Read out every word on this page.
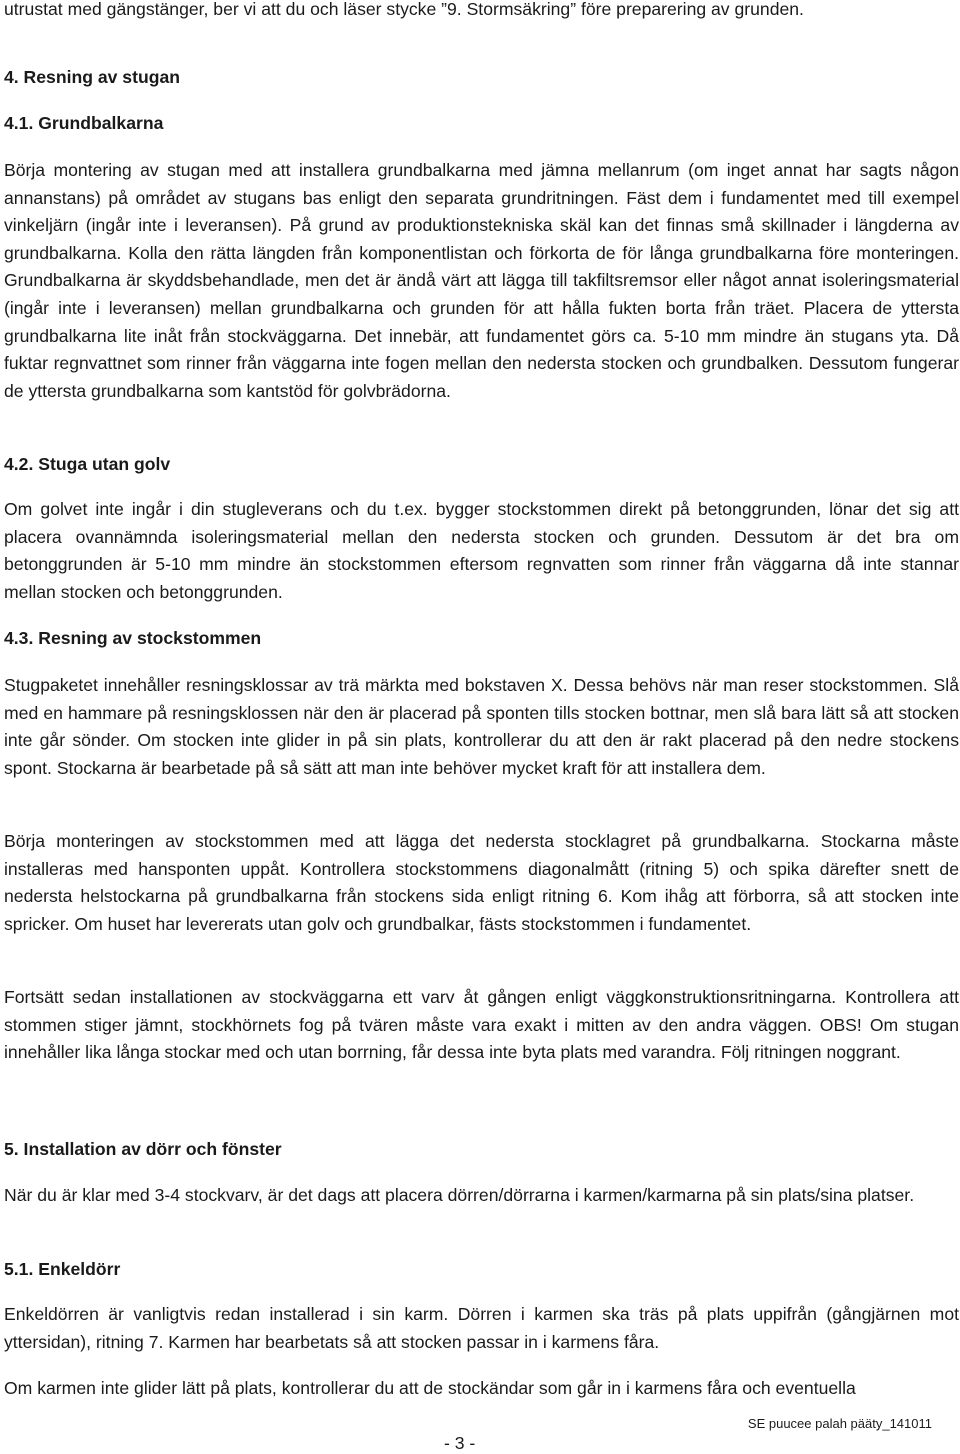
utrustat med gängstänger, ber vi att du och läser stycke ”9. Stormsäkring” före preparering av grunden.

4. Resning av stugan

4.1. Grundbalkarna

Börja montering av stugan med att installera grundbalkarna med jämna mellanrum (om inget annat har sagts någon annanstans) på området av stugans bas enligt den separata grundritningen. Fäst dem i fundamentet med till exempel vinkeljärn (ingår inte i leveransen). På grund av produktionstekniska skäl kan det finnas små skillnader i längderna av grundbalkarna. Kolla den rätta längden från komponentlistan och förkorta de för långa grundbalkarna före monteringen. Grundbalkarna är skyddsbehandlade, men det är ändå värt att lägga till takfiltsremsor eller något annat isoleringsmaterial (ingår inte i leveransen) mellan grundbalkarna och grunden för att hålla fukten borta från träet. Placera de yttersta grundbalkarna lite inåt från stockväggarna. Det innebär, att fundamentet görs ca. 5-10 mm mindre än stugans yta. Då fuktar regnvattnet som rinner från väggarna inte fogen mellan den nedersta stocken och grundbalken. Dessutom fungerar de yttersta grundbalkarna som kantstöd för golvbrädorna.

4.2. Stuga utan golv

Om golvet inte ingår i din stugleverans och du t.ex. bygger stockstommen direkt på betonggrunden, lönar det sig att placera ovannämnda isoleringsmaterial mellan den nedersta stocken och grunden. Dessutom är det bra om betonggrunden är 5-10 mm mindre än stockstommen eftersom regnvatten som rinner från väggarna då inte stannar mellan stocken och betonggrunden.

4.3. Resning av stockstommen

Stugpaketet innehåller resningsklossar av trä märkta med bokstaven X. Dessa behövs när man reser stockstommen. Slå med en hammare på resningsklossen när den är placerad på sponten tills stocken bottnar, men slå bara lätt så att stocken inte går sönder. Om stocken inte glider in på sin plats, kontrollerar du att den är rakt placerad på den nedre stockens spont. Stockarna är bearbetade på så sätt att man inte behöver mycket kraft för att installera dem.

Börja monteringen av stockstommen med att lägga det nedersta stocklagret på grundbalkarna. Stockarna måste installeras med hansponten uppåt. Kontrollera stockstommens diagonalmått (ritning 5) och spika därefter snett de nedersta helstockarna på grundbalkarna från stockens sida enligt ritning 6. Kom ihåg att förborra, så att stocken inte spricker. Om huset har levererats utan golv och grundbalkar, fästs stockstommen i fundamentet.

Fortsätt sedan installationen av stockväggarna ett varv åt gången enligt väggkonstruktionsritningarna. Kontrollera att stommen stiger jämnt, stockhörnets fog på tvären måste vara exakt i mitten av den andra väggen. OBS! Om stugan innehåller lika långa stockar med och utan borrning, får dessa inte byta plats med varandra. Följ ritningen noggrant.

5. Installation av dörr och fönster

När du är klar med 3-4 stockvarv, är det dags att placera dörren/dörrarna i karmen/karmarna på sin plats/sina platser.

5.1. Enkeldörr

Enkeldörren är vanligtvis redan installerad i sin karm. Dörren i karmen ska träs på plats uppifrån (gångjärnen mot yttersidan), ritning 7. Karmen har bearbetats så att stocken passar in i karmens fåra.

Om karmen inte glider lätt på plats, kontrollerar du att de stockändar som går in i karmens fåra och eventuella

SE puucee palah pääty_141011
- 3 -
